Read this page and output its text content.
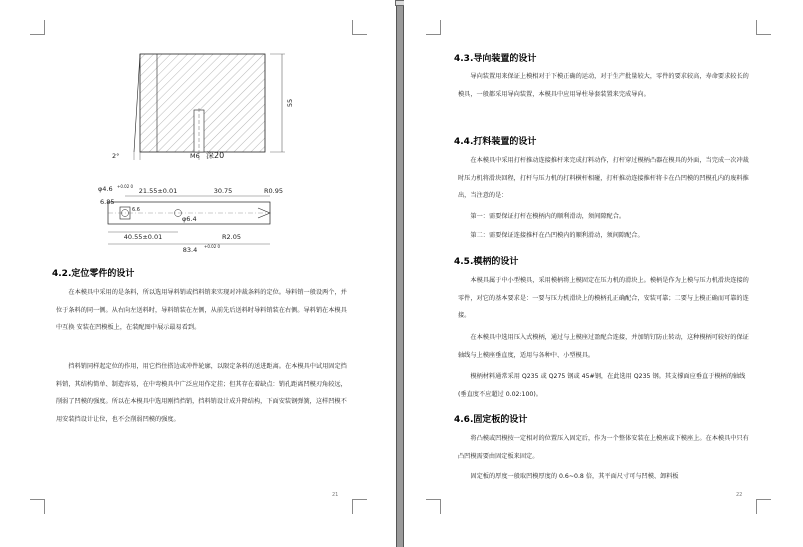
55
2°	M6 深20
φ4.6 +0.02 0
21.55±0.01	30.75	R0.95
6.85
6.6
φ6.4
40.55±0.01	R2.05
83.4 +0.02 0
4.2.定位零件的设计
在本模具中采用的是条料，所以选用导料销或挡料销来实现对冲裁条料的定位。导料销一般设两个，并位于条料的同一侧。从右向左送料时，导料销装在左侧，从前先后送料时导料销装在右侧。导料销在本模具中互换 安装在凹模板上，在装配图中展示最易看到。
挡料销同样起定位的作用，用它挡住搭边或冲件轮廓，以限定条料的送进距离。在本模具中试用固定挡料销，其结构简单、制造容易，在中弯模具中广泛应用作定挂；但其存在着缺点：销孔距离凹模刃角较远，削弱了凹模的强度。所以在本模具中选用刚挡挡销，挡料销设计成升降结构，下面安装钢弹簧，这样凹模不用安装挡设计让位，也不会削弱凹模的强度。
21
4.3.导向装置的设计
导向装置用来保证上模相对于下模正确的运动，对于生产批量较大，零件的要求较高，寿命要求较长的模具，一般都采用导向装置，本模具中应用导柱导套装置来完成导向。
4.4.打料装置的设计
在本模具中采用打杆推动连接推杆来完成打料动作，打杆穿过模柄凸器在模具的外面，当完成一次冲裁时压力机将滑块回程，打杆与压力机的打料横杆相碰，打杆推动连接推杆将卡在凸凹模的凹模孔内的废料推出，当注意的是：
第一：需要保证打杆在模柄内的顺利滑动，须间隙配合。
第二：需要保证连接推杆在凸凹模内的顺利滑动，须间隙配合。
4.5.模柄的设计
本模具属于中小型模具，采用模柄将上模固定在压力机的滑块上。模柄是作为上模与压力机滑块连接的零件，对它的基本要求是：一要与压力机滑块上的模柄孔正确配合，安装可靠；二要与上模正确而可靠的连接。
在本模具中选用压入式模柄，通过与上模座过盈配合连接，并加销钉防止转动，这种模柄可较好的保证轴线与上模座垂直度，适用与各种中、小型模具。
模柄材料通常采用 Q235 或 Q275 钢或 45#钢，在此选用 Q235 钢。其支撑面应垂直于模柄的轴线(垂直度不应超过 0.02:100)。
4.6.固定板的设计
将凸模或凹模按一定相对的位置压入固定后，作为一个整体安装在上模座或下模座上。在本模具中只有凸凹模需要由固定板来固定。
固定板的厚度一般取凹模厚度的 0.6~0.8 倍，其平面尺寸可与凹模、卸料板
22
